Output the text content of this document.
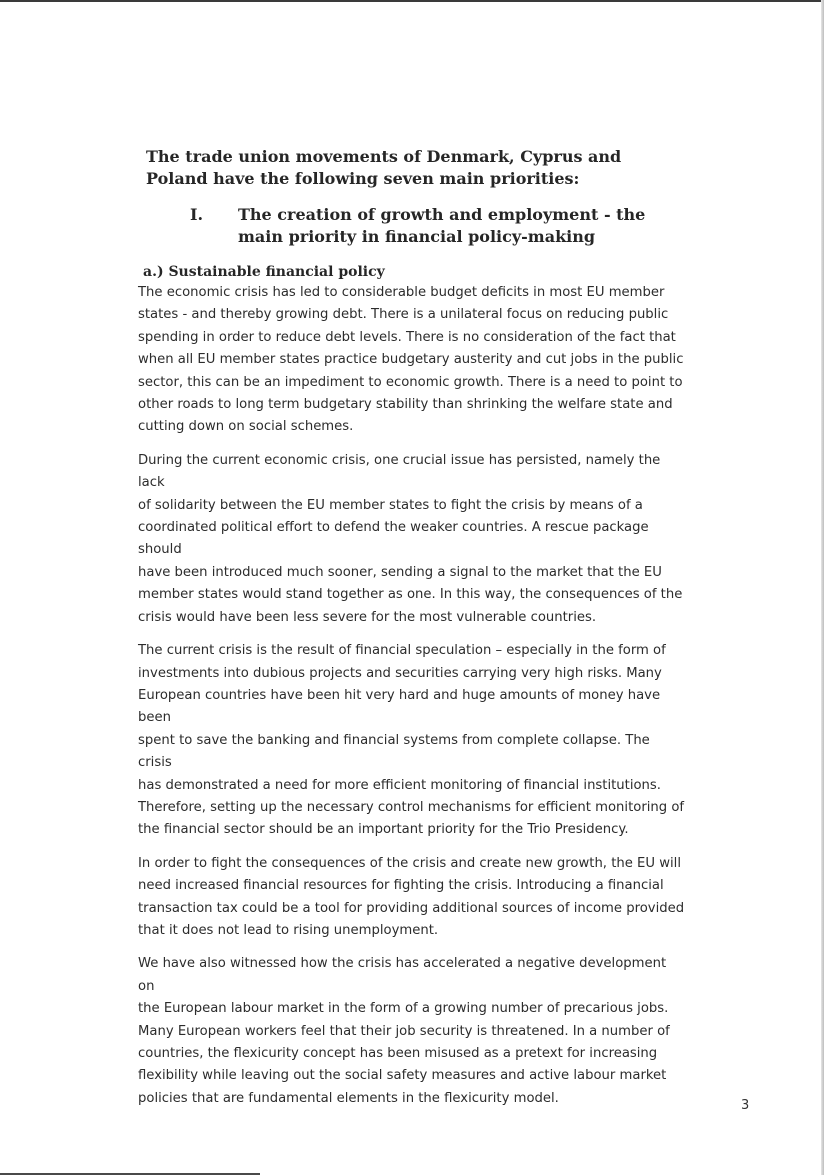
The trade union movements of Denmark, Cyprus and Poland have the following seven main priorities:
I.	The creation of growth and employment - the main priority in financial policy-making
a.) Sustainable financial policy

The economic crisis has led to considerable budget deficits in most EU member
states - and thereby growing debt. There is a unilateral focus on reducing public
spending in order to reduce debt levels. There is no consideration of the fact that
when all EU member states practice budgetary austerity and cut jobs in the public
sector, this can be an impediment to economic growth. There is a need to point to
other roads to long term budgetary stability than shrinking the welfare state and
cutting down on social schemes.

During the current economic crisis, one crucial issue has persisted, namely the lack
of solidarity between the EU member states to fight the crisis by means of a
coordinated political effort to defend the weaker countries. A rescue package should
have been introduced much sooner, sending a signal to the market that the EU
member states would stand together as one. In this way, the consequences of the
crisis would have been less severe for the most vulnerable countries.

The current crisis is the result of financial speculation – especially in the form of
investments into dubious projects and securities carrying very high risks. Many
European countries have been hit very hard and huge amounts of money have been
spent to save the banking and financial systems from complete collapse. The crisis
has demonstrated a need for more efficient monitoring of financial institutions.
Therefore, setting up the necessary control mechanisms for efficient monitoring of
the financial sector should be an important priority for the Trio Presidency.

In order to fight the consequences of the crisis and create new growth, the EU will
need increased financial resources for fighting the crisis. Introducing a financial
transaction tax could be a tool for providing additional sources of income provided
that it does not lead to rising unemployment.

We have also witnessed how the crisis has accelerated a negative development on
the European labour market in the form of a growing number of precarious jobs.
Many European workers feel that their job security is threatened. In a number of
countries, the flexicurity concept has been misused as a pretext for increasing
flexibility while leaving out the social safety measures and active labour market
policies that are fundamental elements in the flexicurity model.	3
